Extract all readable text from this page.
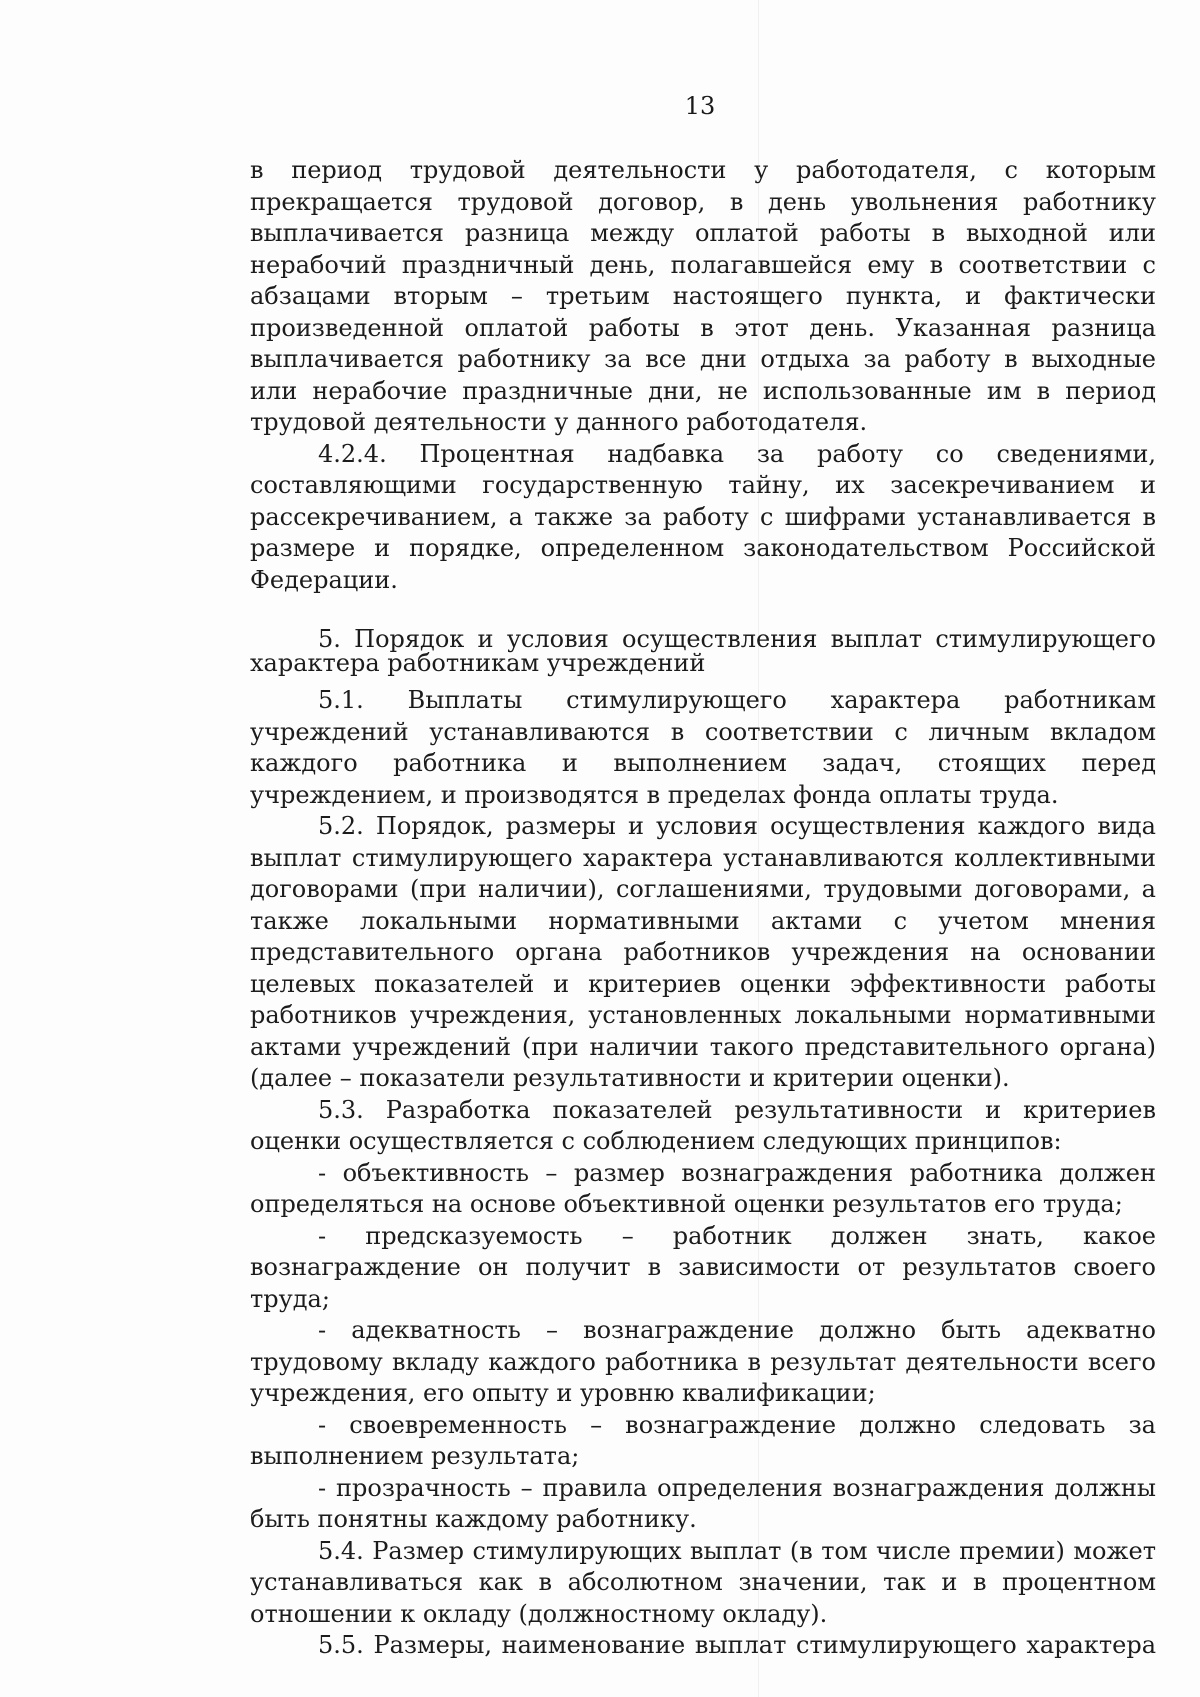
13

в период трудовой деятельности у работодателя, с которым прекращается трудовой договор, в день увольнения работнику выплачивается разница между оплатой работы в выходной или нерабочий праздничный день, полагавшейся ему в соответствии с абзацами вторым – третьим настоящего пункта, и фактически произведенной оплатой работы в этот день. Указанная разница выплачивается работнику за все дни отдыха за работу в выходные или нерабочие праздничные дни, не использованные им в период трудовой деятельности у данного работодателя.

4.2.4. Процентная надбавка за работу со сведениями, составляющими государственную тайну, их засекречиванием и рассекречиванием, а также за работу с шифрами устанавливается в размере и порядке, определенном законодательством Российской Федерации.

5. Порядок и условия осуществления выплат стимулирующего характера работникам учреждений

5.1. Выплаты стимулирующего характера работникам учреждений устанавливаются в соответствии с личным вкладом каждого работника и выполнением задач, стоящих перед учреждением, и производятся в пределах фонда оплаты труда.

5.2. Порядок, размеры и условия осуществления каждого вида выплат стимулирующего характера устанавливаются коллективными договорами (при наличии), соглашениями, трудовыми договорами, а также локальными нормативными актами с учетом мнения представительного органа работников учреждения на основании целевых показателей и критериев оценки эффективности работы работников учреждения, установленных локальными нормативными актами учреждений (при наличии такого представительного органа) (далее – показатели результативности и критерии оценки).

5.3. Разработка показателей результативности и критериев оценки осуществляется с соблюдением следующих принципов:

- объективность – размер вознаграждения работника должен определяться на основе объективной оценки результатов его труда;

- предсказуемость – работник должен знать, какое вознаграждение он получит в зависимости от результатов своего труда;

- адекватность – вознаграждение должно быть адекватно трудовому вкладу каждого работника в результат деятельности всего учреждения, его опыту и уровню квалификации;

- своевременность – вознаграждение должно следовать за выполнением результата;

- прозрачность – правила определения вознаграждения должны быть понятны каждому работнику.

5.4. Размер стимулирующих выплат (в том числе премии) может устанавливаться как в абсолютном значении, так и в процентном отношении к окладу (должностному окладу).

5.5. Размеры, наименование выплат стимулирующего характера
